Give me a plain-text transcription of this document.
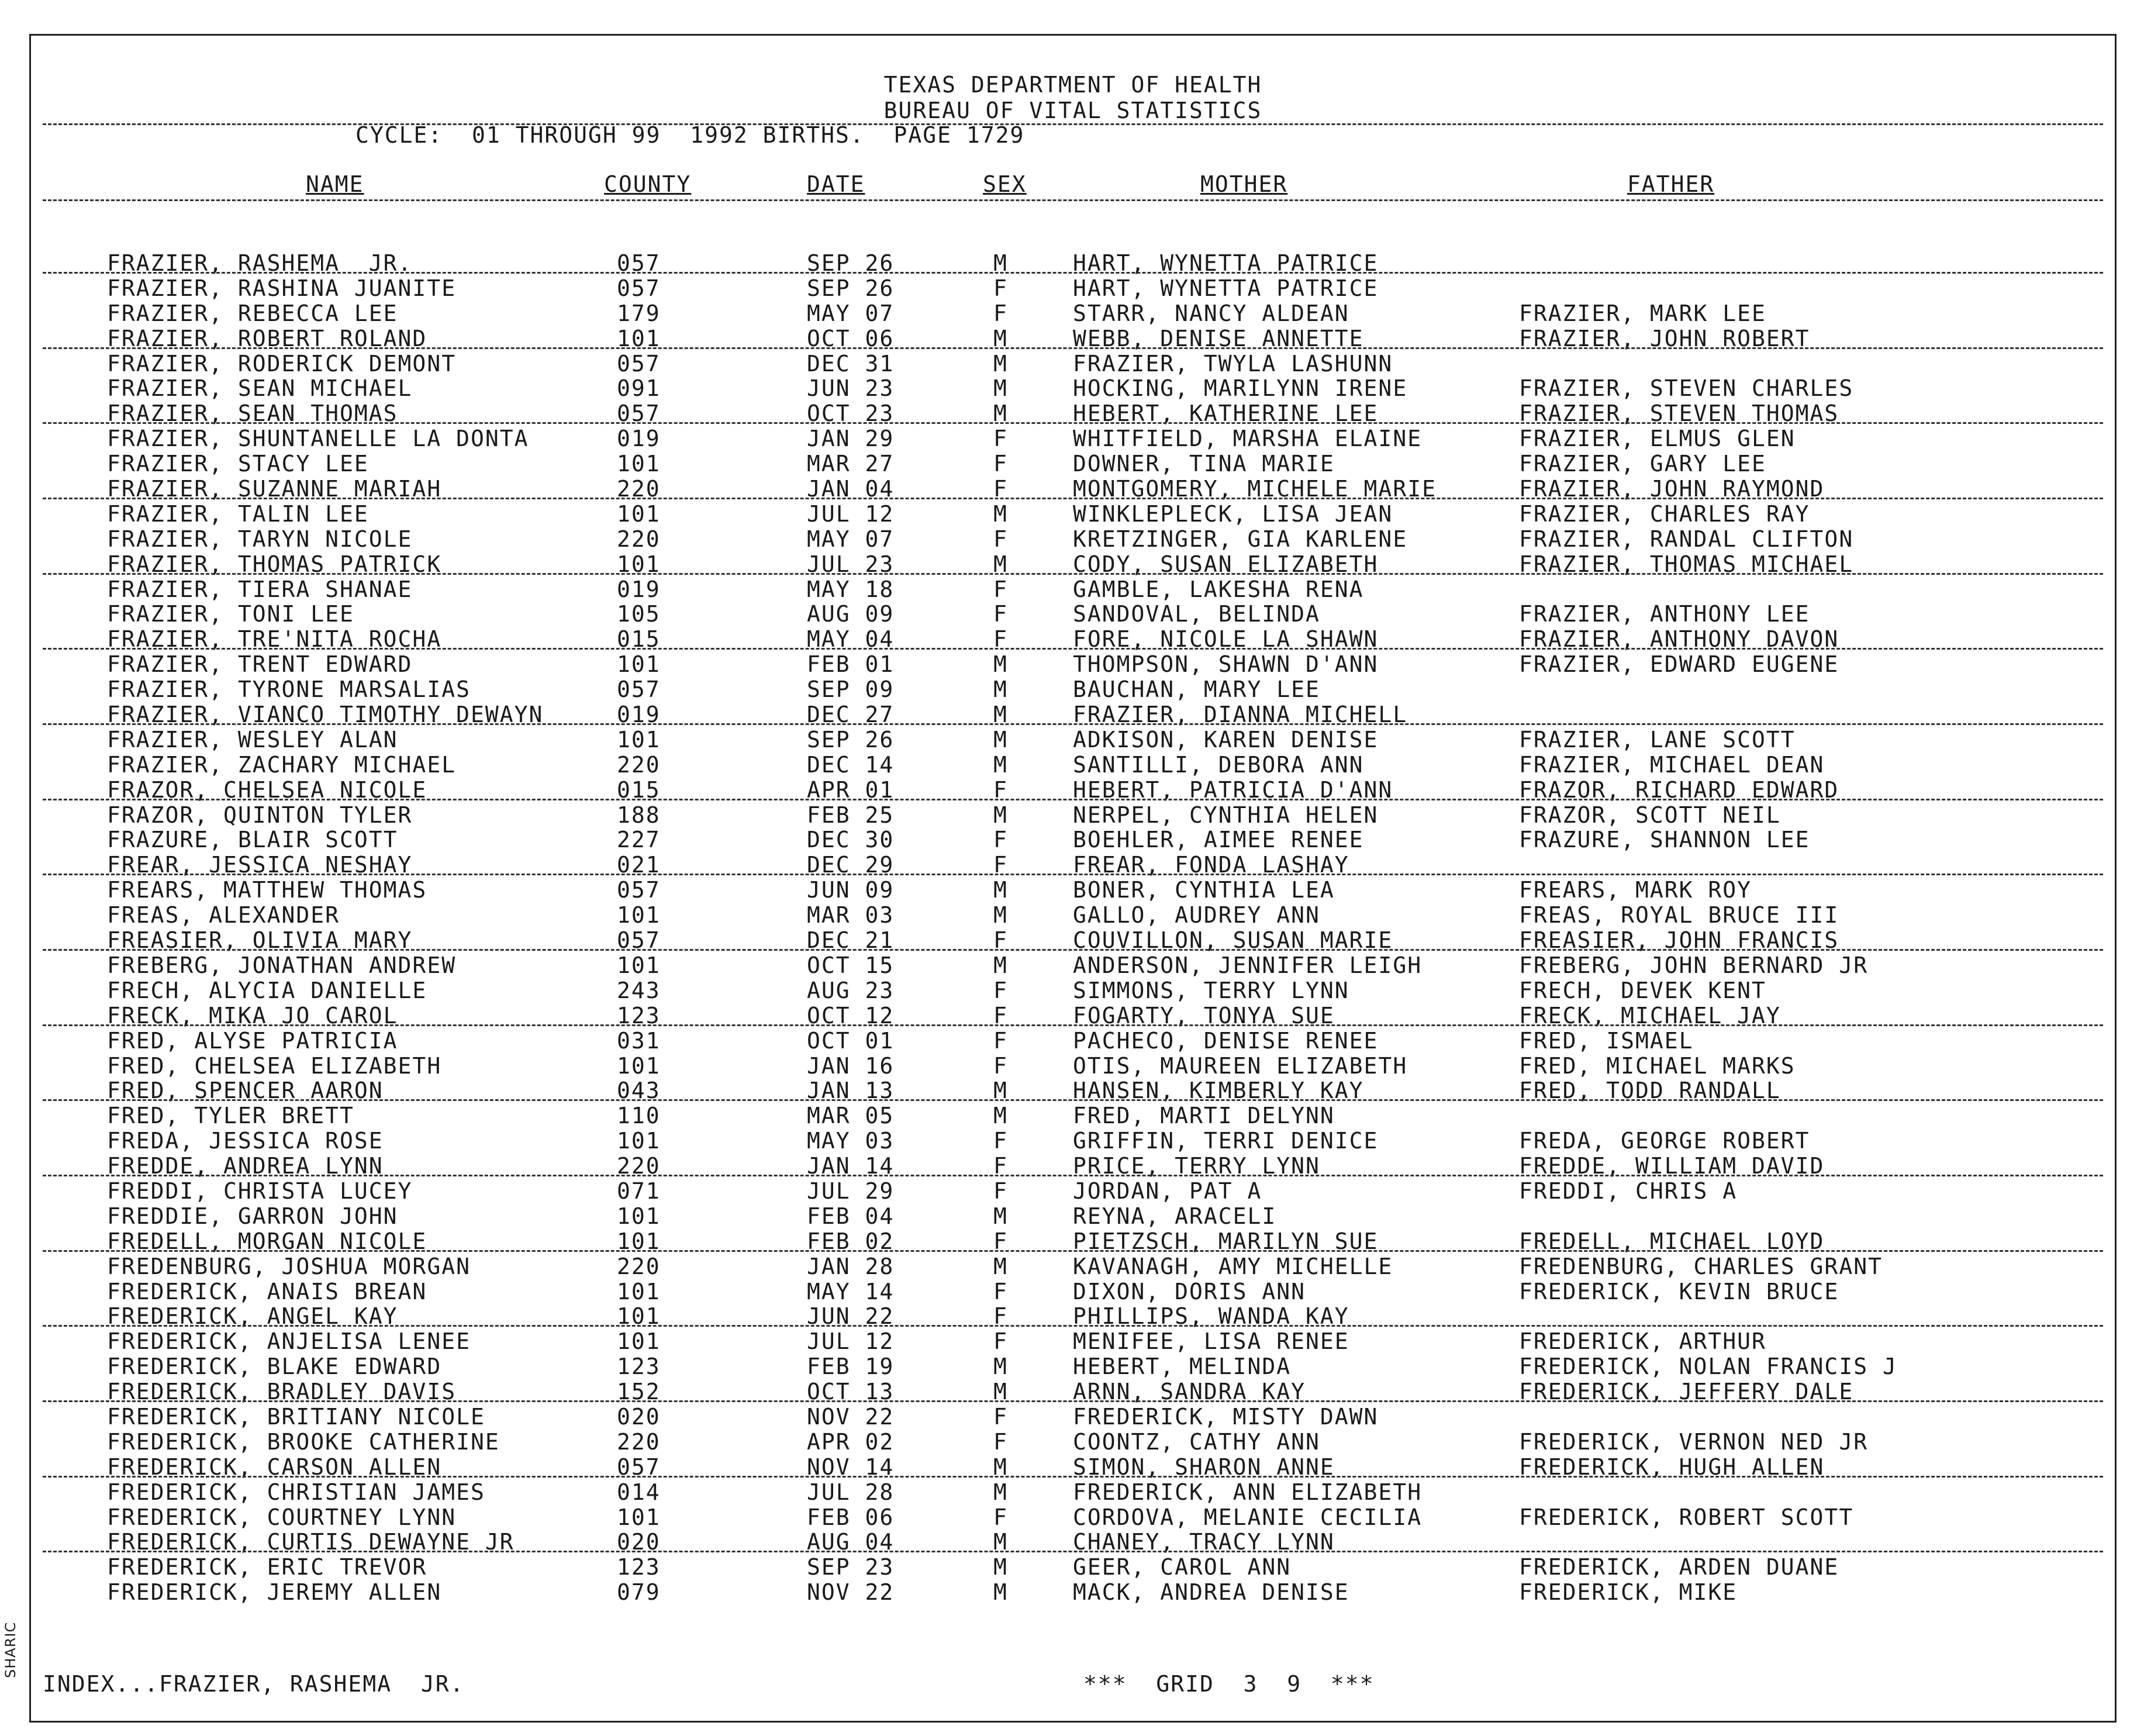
TEXAS DEPARTMENT OF HEALTH
BUREAU OF VITAL STATISTICS
CYCLE:  01 THROUGH 99  1992 BIRTHS.  PAGE 1729
NAME	COUNTY	DATE	SEX	MOTHER	FATHER
FRAZIER, RASHEMA  JR.	057	SEP 26	M	HART, WYNETTA PATRICE
FRAZIER, RASHINA JUANITE	057	SEP 26	F	HART, WYNETTA PATRICE
FRAZIER, REBECCA LEE	179	MAY 07	F	STARR, NANCY ALDEAN	FRAZIER, MARK LEE
FRAZIER, ROBERT ROLAND	101	OCT 06	M	WEBB, DENISE ANNETTE	FRAZIER, JOHN ROBERT
FRAZIER, RODERICK DEMONT	057	DEC 31	M	FRAZIER, TWYLA LASHUNN
FRAZIER, SEAN MICHAEL	091	JUN 23	M	HOCKING, MARILYNN IRENE	FRAZIER, STEVEN CHARLES
FRAZIER, SEAN THOMAS	057	OCT 23	M	HEBERT, KATHERINE LEE	FRAZIER, STEVEN THOMAS
FRAZIER, SHUNTANELLE LA DONTA	019	JAN 29	F	WHITFIELD, MARSHA ELAINE	FRAZIER, ELMUS GLEN
FRAZIER, STACY LEE	101	MAR 27	F	DOWNER, TINA MARIE	FRAZIER, GARY LEE
FRAZIER, SUZANNE MARIAH	220	JAN 04	F	MONTGOMERY, MICHELE MARIE	FRAZIER, JOHN RAYMOND
FRAZIER, TALIN LEE	101	JUL 12	M	WINKLEPLECK, LISA JEAN	FRAZIER, CHARLES RAY
FRAZIER, TARYN NICOLE	220	MAY 07	F	KRETZINGER, GIA KARLENE	FRAZIER, RANDAL CLIFTON
FRAZIER, THOMAS PATRICK	101	JUL 23	M	CODY, SUSAN ELIZABETH	FRAZIER, THOMAS MICHAEL
FRAZIER, TIERA SHANAE	019	MAY 18	F	GAMBLE, LAKESHA RENA
FRAZIER, TONI LEE	105	AUG 09	F	SANDOVAL, BELINDA	FRAZIER, ANTHONY LEE
FRAZIER, TRE'NITA ROCHA	015	MAY 04	F	FORE, NICOLE LA SHAWN	FRAZIER, ANTHONY DAVON
FRAZIER, TRENT EDWARD	101	FEB 01	M	THOMPSON, SHAWN D'ANN	FRAZIER, EDWARD EUGENE
FRAZIER, TYRONE MARSALIAS	057	SEP 09	M	BAUCHAN, MARY LEE
FRAZIER, VIANCO TIMOTHY DEWAYN	019	DEC 27	M	FRAZIER, DIANNA MICHELL
FRAZIER, WESLEY ALAN	101	SEP 26	M	ADKISON, KAREN DENISE	FRAZIER, LANE SCOTT
FRAZIER, ZACHARY MICHAEL	220	DEC 14	M	SANTILLI, DEBORA ANN	FRAZIER, MICHAEL DEAN
FRAZOR, CHELSEA NICOLE	015	APR 01	F	HEBERT, PATRICIA D'ANN	FRAZOR, RICHARD EDWARD
FRAZOR, QUINTON TYLER	188	FEB 25	M	NERPEL, CYNTHIA HELEN	FRAZOR, SCOTT NEIL
FRAZURE, BLAIR SCOTT	227	DEC 30	F	BOEHLER, AIMEE RENEE	FRAZURE, SHANNON LEE
FREAR, JESSICA NESHAY	021	DEC 29	F	FREAR, FONDA LASHAY
FREARS, MATTHEW THOMAS	057	JUN 09	M	BONER, CYNTHIA LEA	FREARS, MARK ROY
FREAS, ALEXANDER	101	MAR 03	M	GALLO, AUDREY ANN	FREAS, ROYAL BRUCE III
FREASIER, OLIVIA MARY	057	DEC 21	F	COUVILLON, SUSAN MARIE	FREASIER, JOHN FRANCIS
FREBERG, JONATHAN ANDREW	101	OCT 15	M	ANDERSON, JENNIFER LEIGH	FREBERG, JOHN BERNARD JR
FRECH, ALYCIA DANIELLE	243	AUG 23	F	SIMMONS, TERRY LYNN	FRECH, DEVEK KENT
FRECK, MIKA JO CAROL	123	OCT 12	F	FOGARTY, TONYA SUE	FRECK, MICHAEL JAY
FRED, ALYSE PATRICIA	031	OCT 01	F	PACHECO, DENISE RENEE	FRED, ISMAEL
FRED, CHELSEA ELIZABETH	101	JAN 16	F	OTIS, MAUREEN ELIZABETH	FRED, MICHAEL MARKS
FRED, SPENCER AARON	043	JAN 13	M	HANSEN, KIMBERLY KAY	FRED, TODD RANDALL
FRED, TYLER BRETT	110	MAR 05	M	FRED, MARTI DELYNN
FREDA, JESSICA ROSE	101	MAY 03	F	GRIFFIN, TERRI DENICE	FREDA, GEORGE ROBERT
FREDDE, ANDREA LYNN	220	JAN 14	F	PRICE, TERRY LYNN	FREDDE, WILLIAM DAVID
FREDDI, CHRISTA LUCEY	071	JUL 29	F	JORDAN, PAT A	FREDDI, CHRIS A
FREDDIE, GARRON JOHN	101	FEB 04	M	REYNA, ARACELI
FREDELL, MORGAN NICOLE	101	FEB 02	F	PIETZSCH, MARILYN SUE	FREDELL, MICHAEL LOYD
FREDENBURG, JOSHUA MORGAN	220	JAN 28	M	KAVANAGH, AMY MICHELLE	FREDENBURG, CHARLES GRANT
FREDERICK, ANAIS BREAN	101	MAY 14	F	DIXON, DORIS ANN	FREDERICK, KEVIN BRUCE
FREDERICK, ANGEL KAY	101	JUN 22	F	PHILLIPS, WANDA KAY
FREDERICK, ANJELISA LENEE	101	JUL 12	F	MENIFEE, LISA RENEE	FREDERICK, ARTHUR
FREDERICK, BLAKE EDWARD	123	FEB 19	M	HEBERT, MELINDA	FREDERICK, NOLAN FRANCIS J
FREDERICK, BRADLEY DAVIS	152	OCT 13	M	ARNN, SANDRA KAY	FREDERICK, JEFFERY DALE
FREDERICK, BRITIANY NICOLE	020	NOV 22	F	FREDERICK, MISTY DAWN
FREDERICK, BROOKE CATHERINE	220	APR 02	F	COONTZ, CATHY ANN	FREDERICK, VERNON NED JR
FREDERICK, CARSON ALLEN	057	NOV 14	M	SIMON, SHARON ANNE	FREDERICK, HUGH ALLEN
FREDERICK, CHRISTIAN JAMES	014	JUL 28	M	FREDERICK, ANN ELIZABETH
FREDERICK, COURTNEY LYNN	101	FEB 06	F	CORDOVA, MELANIE CECILIA	FREDERICK, ROBERT SCOTT
FREDERICK, CURTIS DEWAYNE JR	020	AUG 04	M	CHANEY, TRACY LYNN
FREDERICK, ERIC TREVOR	123	SEP 23	M	GEER, CAROL ANN	FREDERICK, ARDEN DUANE
FREDERICK, JEREMY ALLEN	079	NOV 22	M	MACK, ANDREA DENISE	FREDERICK, MIKE
INDEX...FRAZIER, RASHEMA  JR.	***  GRID  3  9  ***
SHARIC
